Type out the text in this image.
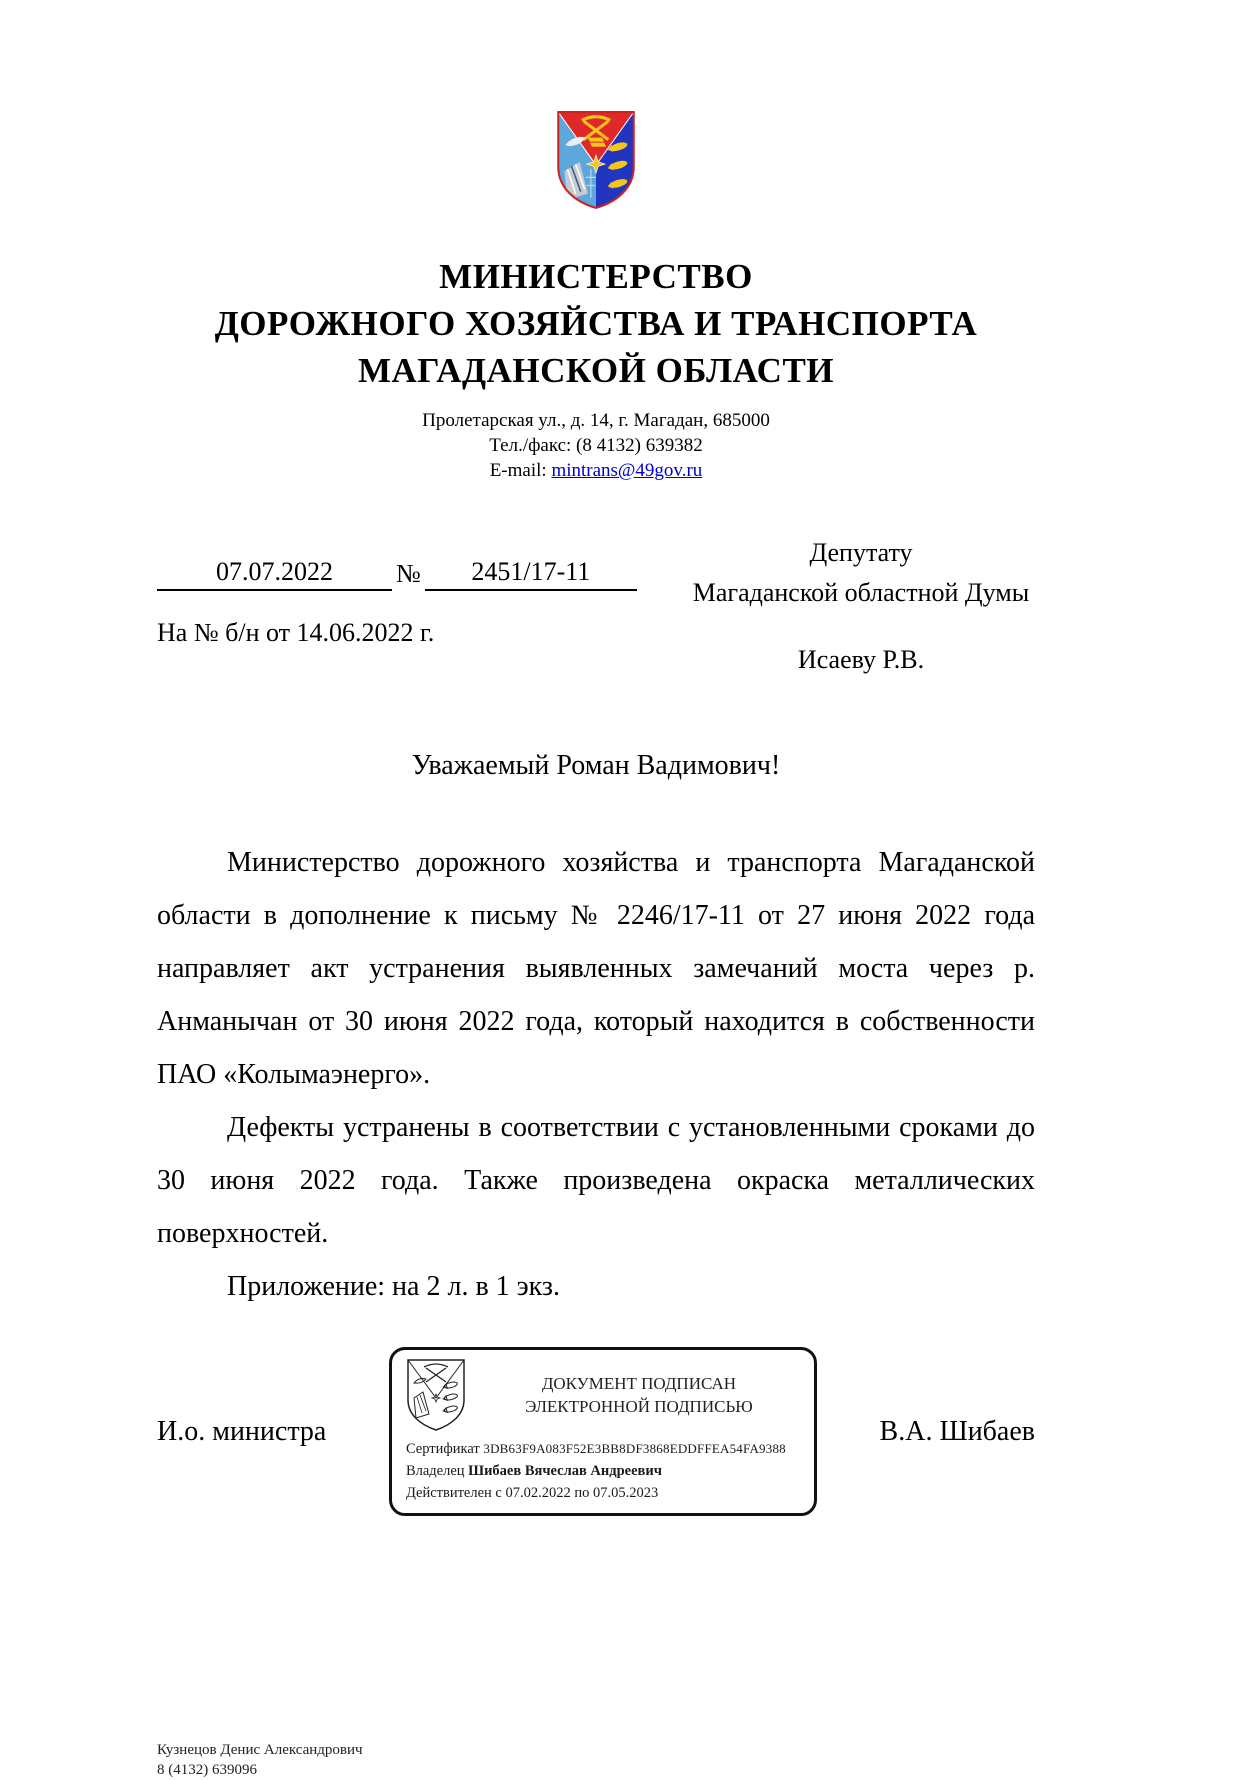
МИНИСТЕРСТВО
ДОРОЖНОГО ХОЗЯЙСТВА И ТРАНСПОРТА
МАГАДАНСКОЙ ОБЛАСТИ
Пролетарская ул., д. 14, г. Магадан, 685000
Тел./факс: (8 4132) 639382
E-mail: mintrans@49gov.ru
07.07.2022	№	2451/17-11
На № б/н от 14.06.2022 г.
Депутату
Магаданской областной Думы
Исаеву Р.В.
Уважаемый Роман Вадимович!

Министерство дорожного хозяйства и транспорта Магаданской области в дополнение к письму № 2246/17-11 от 27 июня 2022 года направляет акт устранения выявленных замечаний моста через р. Анманычан от 30 июня 2022 года, который находится в собственности ПАО «Колымаэнерго».

Дефекты устранены в соответствии с установленными сроками до 30 июня 2022 года. Также произведена окраска металлических поверхностей.

Приложение: на 2 л. в 1 экз.

И.о. министра
ДОКУМЕНТ ПОДПИСАН
ЭЛЕКТРОННОЙ ПОДПИСЬЮ
Сертификат 3DB63F9A083F52E3BB8DF3868EDDFFEA54FA9388
Владелец Шибаев Вячеслав Андреевич
Действителен с 07.02.2022 по 07.05.2023
В.А. Шибаев
Кузнецов Денис Александрович
8 (4132) 639096
